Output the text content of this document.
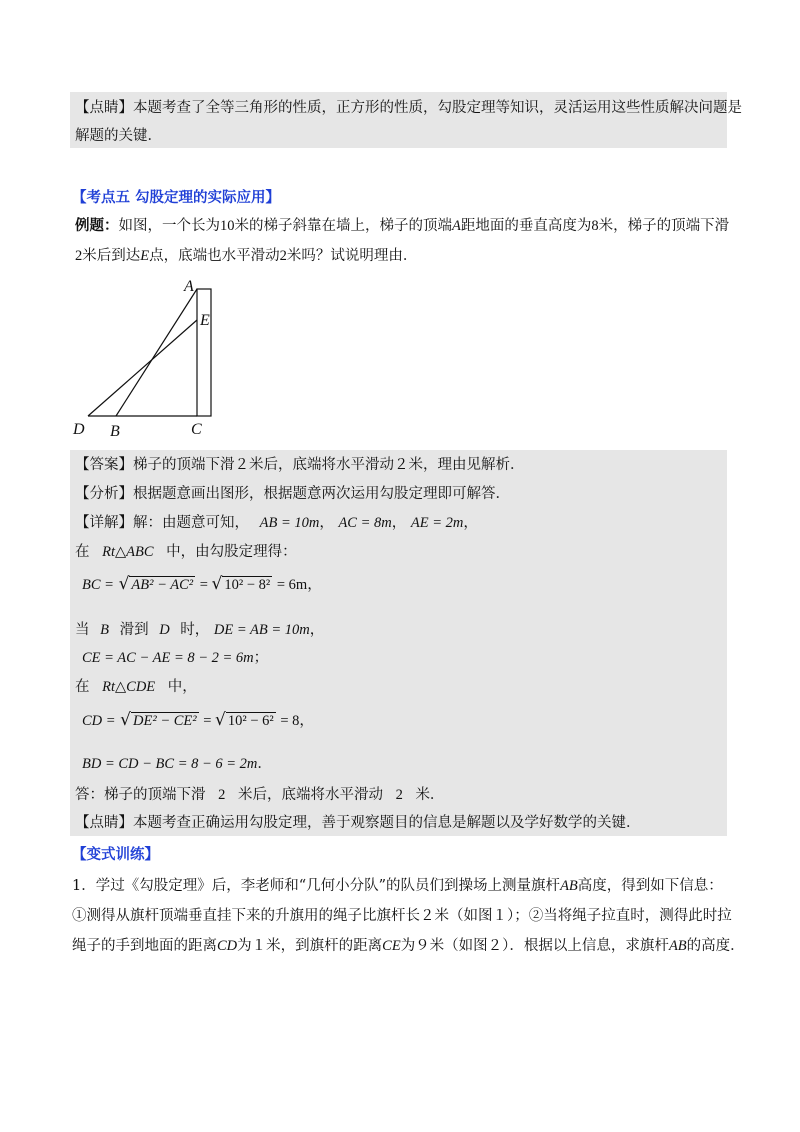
【点睛】本题考查了全等三角形的性质，正方形的性质，勾股定理等知识，灵活运用这些性质解决问题是
解题的关键．
【考点五 勾股定理的实际应用】
例题：如图，一个长为10米的梯子斜靠在墙上，梯子的顶端A距地面的垂直高度为8米，梯子的顶端下滑
2米后到达E点，底端也水平滑动2米吗？试说明理由．
A
E
D B	C
【答案】梯子的顶端下滑２米后，底端将水平滑动２米，理由见解析．
【分析】根据题意画出图形，根据题意两次运用勾股定理即可解答．
【详解】解：由题意可知， AB = 10m， AC = 8m， AE = 2m，
在 Rt△ABC 中，由勾股定理得：
BC = √ AB² − AC² = √ 10² − 8² = 6m，
当 B 滑到 D 时， DE = AB = 10m，
CE = AC − AE = 8 − 2 = 6m；
在 Rt△CDE 中，
CD = √ DE² − CE² = √ 10² − 6² = 8，
BD = CD − BC = 8 − 6 = 2m．
答：梯子的顶端下滑 2 米后，底端将水平滑动 2 米．
【点睛】本题考查正确运用勾股定理，善于观察题目的信息是解题以及学好数学的关键．
【变式训练】
1．学过《勾股定理》后，李老师和“几何小分队”的队员们到操场上测量旗杆AB高度，得到如下信息：
①测得从旗杆顶端垂直挂下来的升旗用的绳子比旗杆长２米（如图１）；②当将绳子拉直时，测得此时拉
绳子的手到地面的距离CD为１米，到旗杆的距离CE为９米（如图２）．根据以上信息，求旗杆AB的高度．
